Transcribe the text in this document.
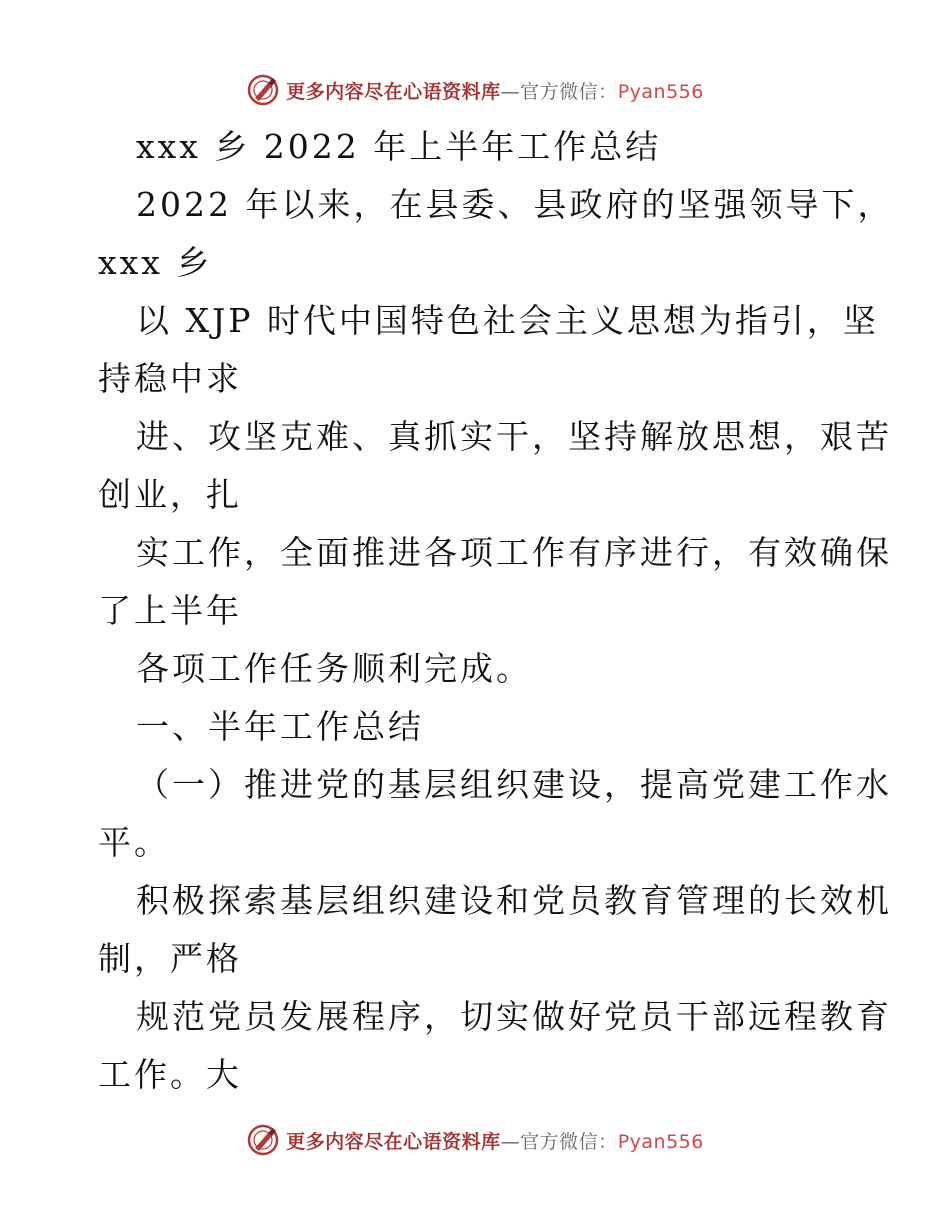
更多内容尽在心语资料库—官方微信：Pyan556
xxx 乡 2022 年上半年工作总结
2022 年以来，在县委、县政府的坚强领导下，
xxx 乡
以 XJP 时代中国特色社会主义思想为指引，坚
持稳中求
进、攻坚克难、真抓实干，坚持解放思想，艰苦
创业，扎
实工作，全面推进各项工作有序进行，有效确保
了上半年
各项工作任务顺利完成。
一、半年工作总结
（一）推进党的基层组织建设，提高党建工作水
平。
积极探索基层组织建设和党员教育管理的长效机
制，严格
规范党员发展程序，切实做好党员干部远程教育
工作。大
更多内容尽在心语资料库—官方微信：Pyan556
